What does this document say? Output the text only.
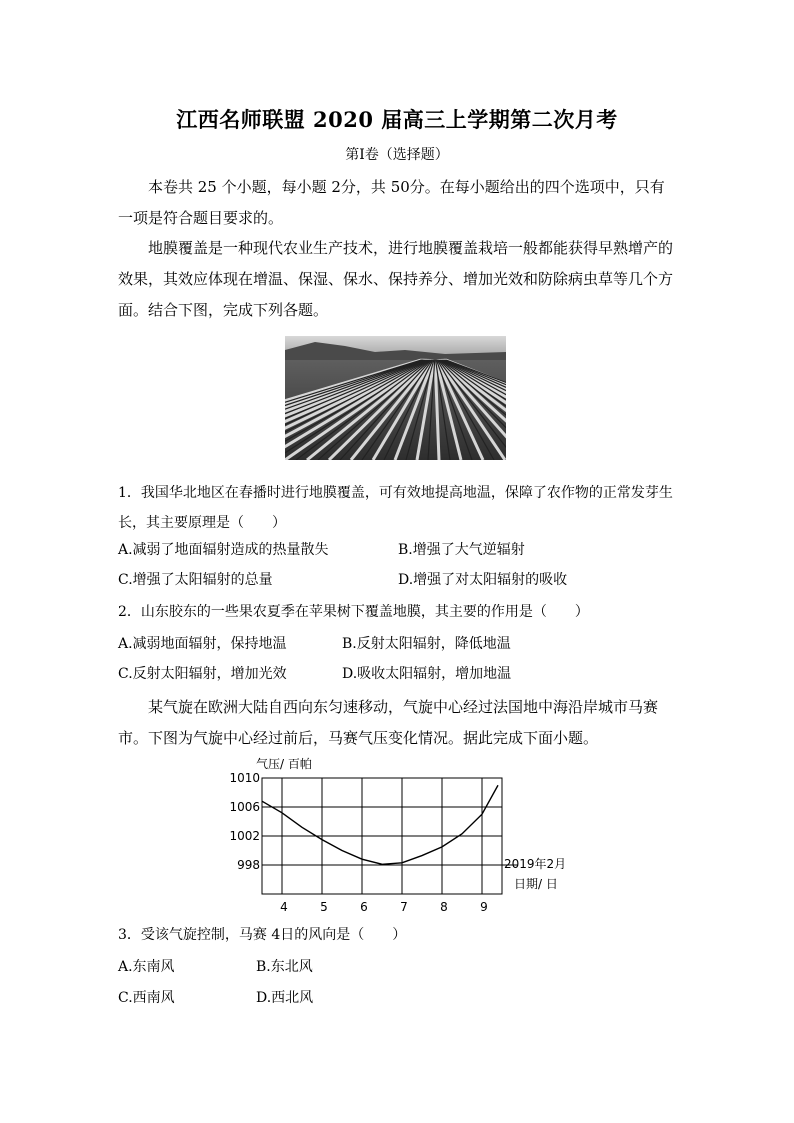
江西名师联盟 2020 届高三上学期第二次月考
第Ⅰ卷（选择题）
本卷共 25 个小题，每小题 2分，共 50分。在每小题给出的四个选项中，只有一项是符合题目要求的。
地膜覆盖是一种现代农业生产技术，进行地膜覆盖栽培一般都能获得早熟增产的效果，其效应体现在增温、保湿、保水、保持养分、增加光效和防除病虫草等几个方面。结合下图，完成下列各题。
1．我国华北地区在春播时进行地膜覆盖，可有效地提高地温，保障了农作物的正常发芽生长，其主要原理是（　　）
A.减弱了地面辐射造成的热量散失	B.增强了大气逆辐射
C.增强了太阳辐射的总量	D.增强了对太阳辐射的吸收
2．山东胶东的一些果农夏季在苹果树下覆盖地膜，其主要的作用是（　　）
A.减弱地面辐射，保持地温	B.反射太阳辐射，降低地温
C.反射太阳辐射，增加光效	D.吸收太阳辐射，增加地温
某气旋在欧洲大陆自西向东匀速移动，气旋中心经过法国地中海沿岸城市马赛市。下图为气旋中心经过前后，马赛气压变化情况。据此完成下面小题。
气压/ 百帕
1010
1006
1002
998
4	5	6	7	8	9
2019年2月
日期/ 日
3．受该气旋控制，马赛 4日的风向是（　　）
A.东南风	B.东北风
C.西南风	D.西北风
